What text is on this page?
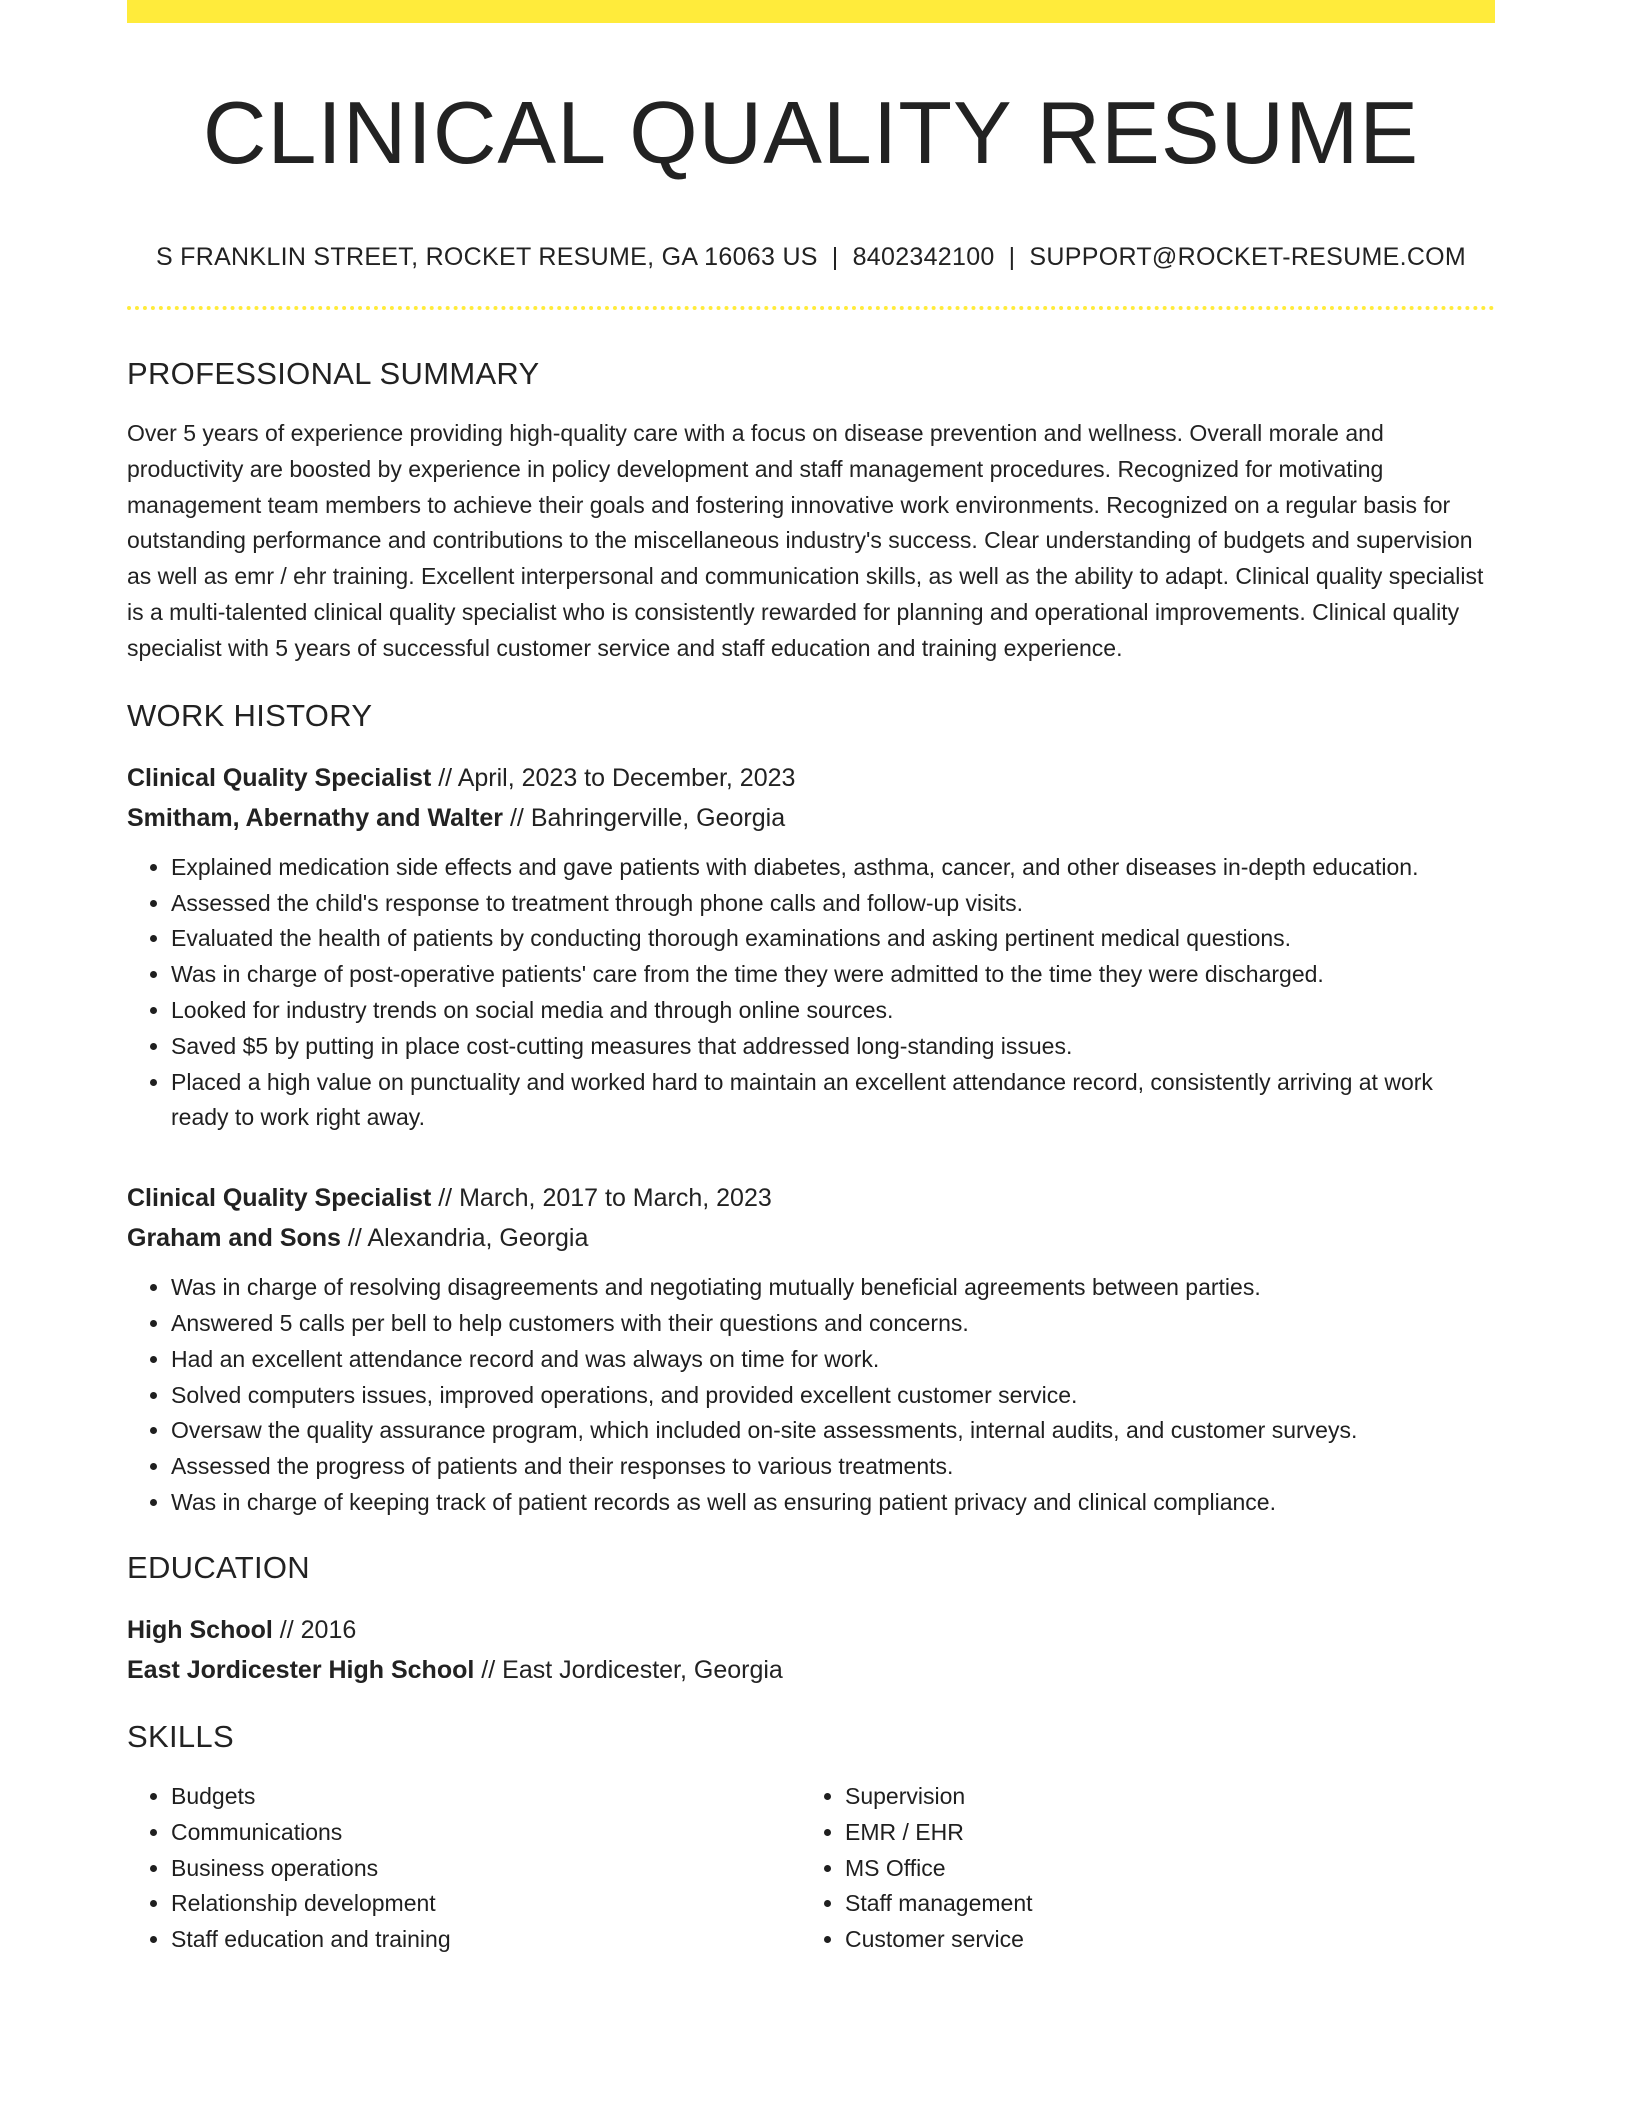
CLINICAL QUALITY RESUME
S FRANKLIN STREET, ROCKET RESUME, GA 16063 US | 8402342100 | SUPPORT@ROCKET-RESUME.COM
PROFESSIONAL SUMMARY
Over 5 years of experience providing high-quality care with a focus on disease prevention and wellness. Overall morale and productivity are boosted by experience in policy development and staff management procedures. Recognized for motivating management team members to achieve their goals and fostering innovative work environments. Recognized on a regular basis for outstanding performance and contributions to the miscellaneous industry's success. Clear understanding of budgets and supervision as well as emr / ehr training. Excellent interpersonal and communication skills, as well as the ability to adapt. Clinical quality specialist is a multi-talented clinical quality specialist who is consistently rewarded for planning and operational improvements. Clinical quality specialist with 5 years of successful customer service and staff education and training experience.
WORK HISTORY
Clinical Quality Specialist // April, 2023 to December, 2023
Smitham, Abernathy and Walter // Bahringerville, Georgia
• Explained medication side effects and gave patients with diabetes, asthma, cancer, and other diseases in-depth education.
• Assessed the child's response to treatment through phone calls and follow-up visits.
• Evaluated the health of patients by conducting thorough examinations and asking pertinent medical questions.
• Was in charge of post-operative patients' care from the time they were admitted to the time they were discharged.
• Looked for industry trends on social media and through online sources.
• Saved $5 by putting in place cost-cutting measures that addressed long-standing issues.
• Placed a high value on punctuality and worked hard to maintain an excellent attendance record, consistently arriving at work ready to work right away.
Clinical Quality Specialist // March, 2017 to March, 2023
Graham and Sons // Alexandria, Georgia
• Was in charge of resolving disagreements and negotiating mutually beneficial agreements between parties.
• Answered 5 calls per bell to help customers with their questions and concerns.
• Had an excellent attendance record and was always on time for work.
• Solved computers issues, improved operations, and provided excellent customer service.
• Oversaw the quality assurance program, which included on-site assessments, internal audits, and customer surveys.
• Assessed the progress of patients and their responses to various treatments.
• Was in charge of keeping track of patient records as well as ensuring patient privacy and clinical compliance.
EDUCATION
High School // 2016
East Jordicester High School // East Jordicester, Georgia
SKILLS
• Budgets
• Communications
• Business operations
• Relationship development
• Staff education and training
• Supervision
• EMR / EHR
• MS Office
• Staff management
• Customer service
